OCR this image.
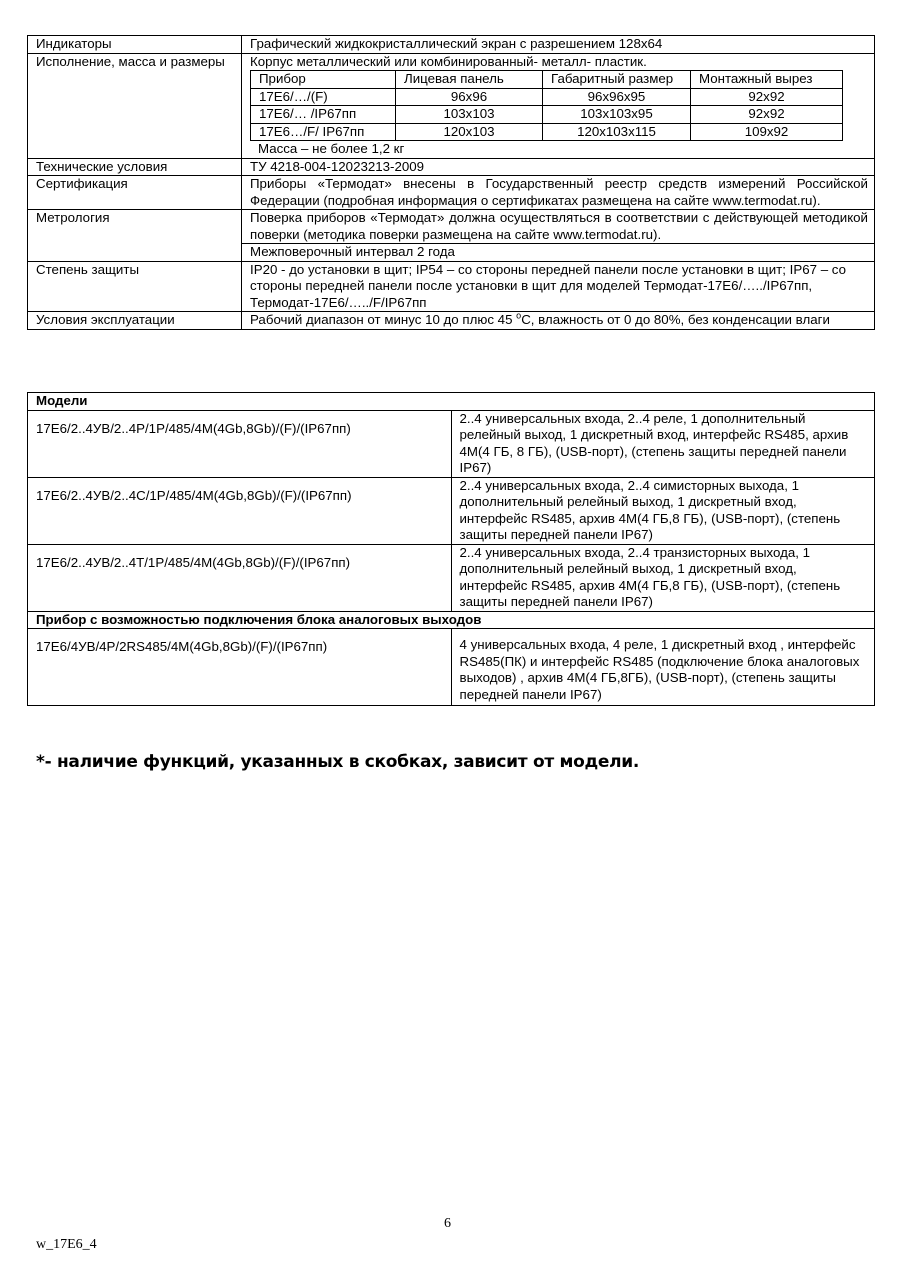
Индикаторы	Графический жидкокристаллический экран с разрешением 128х64
Исполнение, масса и размеры	Корпус металлический или комбинированный- металл- пластик.
Прибор	Лицевая панель	Габаритный размер	Монтажный вырез
17Е6/…/(F)	96х96	96х96х95	92х92
17Е6/… /IP67пп	103х103	103х103х95	92х92
17Е6…/F/ IP67пп	120х103	120х103х115	109х92
Масса – не более 1,2 кг

Технические условия	ТУ 4218-004-12023213-2009
Сертификация	Приборы «Термодат» внесены в Государственный реестр средств измерений Российской Федерации (подробная информация о сертификатах размещена на сайте www.termodat.ru).
Метрология	Поверка приборов «Термодат» должна осуществляться в соответствии с действующей методикой поверки (методика поверки размещена на сайте www.termodat.ru).
Межповерочный интервал 2 года

Степень защиты	IP20 - до установки в щит; IP54 – со стороны передней панели после установки в щит; IP67 – со стороны передней панели после установки в щит для моделей Термодат-17Е6/…../IP67пп, Термодат-17Е6/…../F/IP67пп
Условия эксплуатации	Рабочий диапазон от минус 10 до плюс 45 $^о$С, влажность от 0 до 80%, без конденсации влаги
Модели	
17Е6/2..4УВ/2..4Р/1Р/485/4М(4Gb,8Gb)/(F)/(IP67пп)	2..4 универсальных входа, 2..4 реле, 1 дополнительный релейный выход, 1 дискретный вход, интерфейс RS485, архив 4М(4 ГБ, 8 ГБ), (USB-порт), (степень защиты передней панели IP67)
17Е6/2..4УВ/2..4С/1Р/485/4М(4Gb,8Gb)/(F)/(IP67пп)	2..4 универсальных входа, 2..4 симисторных выхода, 1 дополнительный релейный выход, 1 дискретный вход, интерфейс RS485, архив 4М(4 ГБ,8 ГБ), (USB-порт), (степень защиты передней панели IP67)
17Е6/2..4УВ/2..4Т/1Р/485/4М(4Gb,8Gb)/(F)/(IP67пп)	2..4 универсальных входа, 2..4 транзисторных выхода, 1 дополнительный релейный выход, 1 дискретный вход, интерфейс RS485, архив 4М(4 ГБ,8 ГБ), (USB-порт), (степень защиты передней панели IP67)
Прибор с возможностью подключения блока аналоговых выходов	
17Е6/4УВ/4Р/2RS485/4М(4Gb,8Gb)/(F)/(IP67пп)	4 универсальных входа, 4 реле, 1 дискретный вход , интерфейс RS485(ПК) и интерфейс RS485 (подключение блока аналоговых выходов) , архив 4М(4 ГБ,8ГБ), (USB-порт), (степень защиты передней панели IP67)
*- наличие функций, указанных в скобках, зависит от модели.
6
w_17E6_4
